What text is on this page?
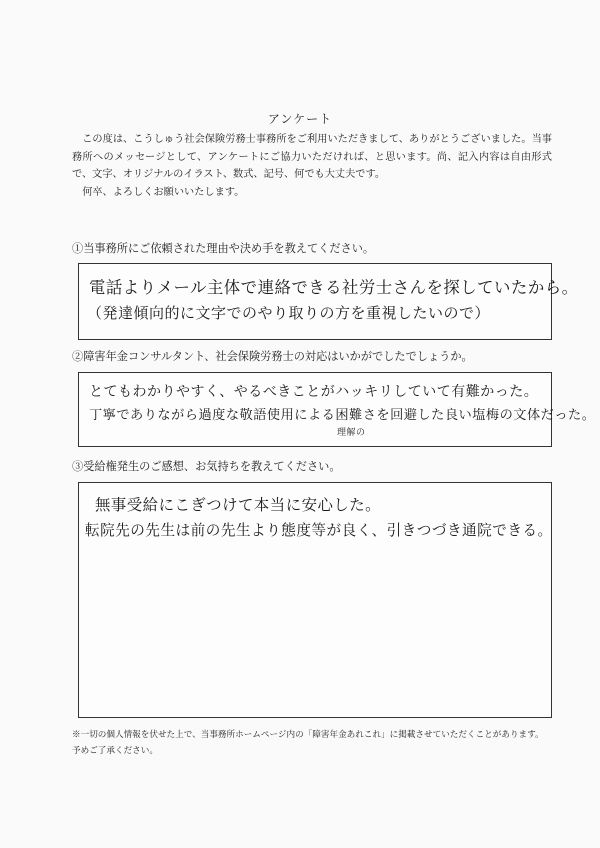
アンケート

この度は、こうしゅう社会保険労務士事務所をご利用いただきまして、ありがとうございました。当事務所へのメッセージとして、アンケートにご協力いただければ、と思います。尚、記入内容は自由形式で、文字、オリジナルのイラスト、数式、記号、何でも大丈夫です。

何卒、よろしくお願いいたします。

①当事務所にご依頼された理由や決め手を教えてください。
電話よりメール主体で連絡できる社労士さんを探していたから。
（発達傾向的に文字でのやり取りの方を重視したいので）
②障害年金コンサルタント、社会保険労務士の対応はいかがでしたでしょうか。
とてもわかりやすく、やるべきことがハッキリしていて有難かった。
丁寧でありながら過度な敬語使用による困難さを回避した良い塩梅の文体だった。
理解の
③受給権発生のご感想、お気持ちを教えてください。
無事受給にこぎつけて本当に安心した。
転院先の先生は前の先生より態度等が良く、引きつづき通院できる。
※一切の個人情報を伏せた上で、当事務所ホームページ内の「障害年金あれこれ」に掲載させていただくことがあります。予めご了承ください。
